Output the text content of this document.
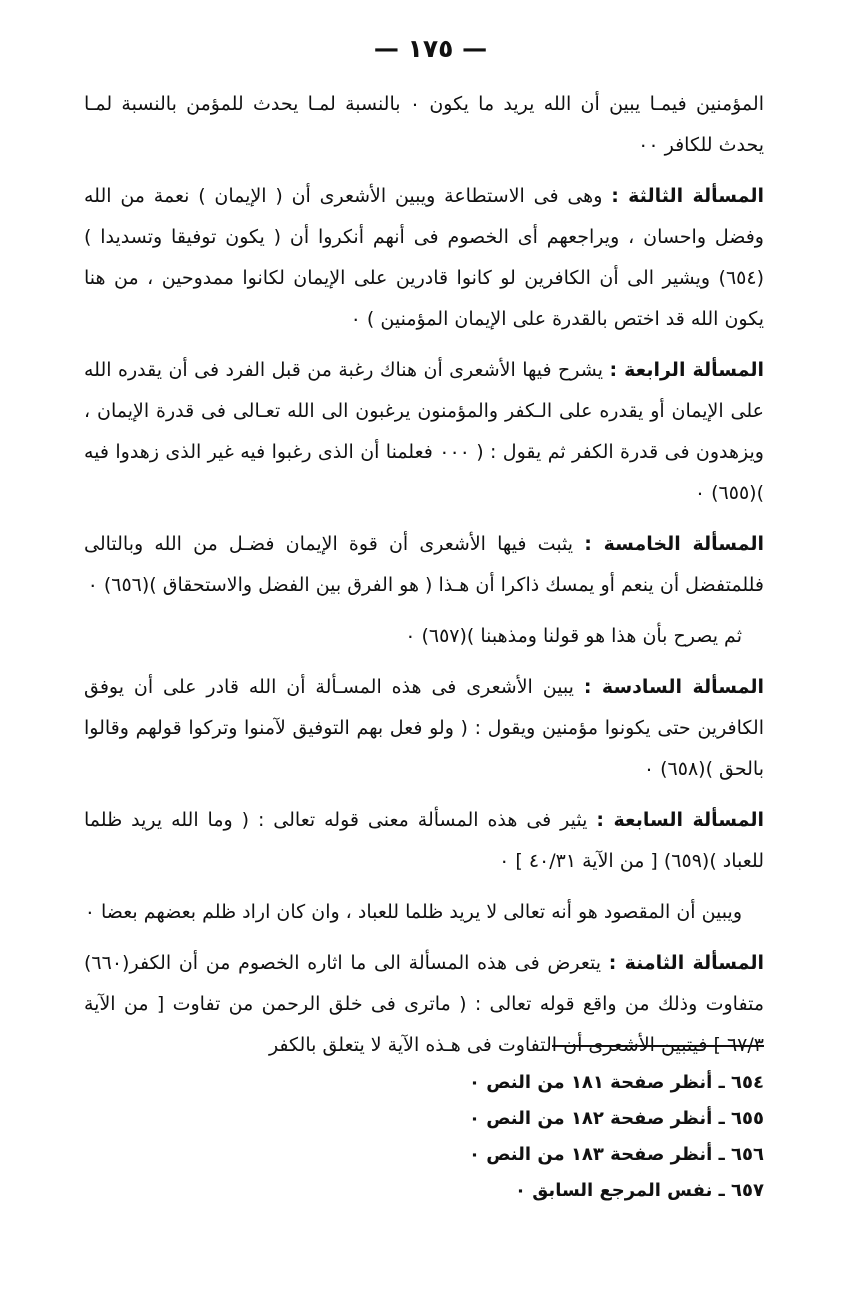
— ١٧٥ —

المؤمنين فيمـا يبين أن الله يريد ما يكون ٠ بالنسبة لمـا يحدث للمؤمن بالنسبة لمـا يحدث للكافر ٠٠

المسألة الثالثة : وهى فى الاستطاعة ويبين الأشعرى أن ( الإيمان ) نعمة من الله وفضل واحسان ، ويراجعهم أى الخصوم فى أنهم أنكروا أن ( يكون توفيقا وتسديدا )(٦٥٤) ويشير الى أن الكافرين لو كانوا قادرين على الإيمان لكانوا ممدوحين ، من هنا يكون الله قد اختص بالقدرة على الإيمان المؤمنين ) ٠

المسألة الرابعة : يشرح فيها الأشعرى أن هناك رغبة من قبل الفرد فى أن يقدره الله على الإيمان أو يقدره على الـكفر والمؤمنون يرغبون الى الله تعـالى فى قدرة الإيمان ، ويزهدون فى قدرة الكفر ثم يقول : ( ٠٠٠ فعلمنا أن الذى رغبوا فيه غير الذى زهدوا فيه )(٦٥٥) ٠

المسألة الخامسة : يثبت فيها الأشعرى أن قوة الإيمان فضـل من الله وبالتالى فللمتفضل أن ينعم أو يمسك ذاكرا أن هـذا ( هو الفرق بين الفضل والاستحقاق )(٦٥٦) ٠

ثم يصرح بأن هذا هو قولنا ومذهبنا )(٦٥٧) ٠

المسألة السادسة : يبين الأشعرى فى هذه المسـألة أن الله قادر على أن يوفق الكافرين حتى يكونوا مؤمنين ويقول : ( ولو فعل بهم التوفيق لآمنوا وتركوا قولهم وقالوا بالحق )(٦٥٨) ٠

المسألة السابعة : يثير فى هذه المسألة معنى قوله تعالى : ( وما الله يريد ظلما للعباد )(٦٥٩) [ من الآية ٤٠/٣١ ] ٠

ويبين أن المقصود هو أنه تعالى لا يريد ظلما للعباد ، وان كان اراد ظلم بعضهم بعضا ٠

المسألة الثامنة : يتعرض فى هذه المسألة الى ما اثاره الخصوم من أن الكفر(٦٦٠) متفاوت وذلك من واقع قوله تعالى : ( ماترى فى خلق الرحمن من تفاوت [ من الآية ٦٧/٣ ] فيتبين الأشعرى أن التفاوت فى هـذه الآية لا يتعلق بالكفر

٦٥٤ ـ أنظر صفحة ١٨١ من النص ٠

٦٥٥ ـ أنظر صفحة ١٨٢ من النص ٠

٦٥٦ ـ أنظر صفحة ١٨٣ من النص ٠

٦٥٧ ـ نفس المرجع السابق ٠
